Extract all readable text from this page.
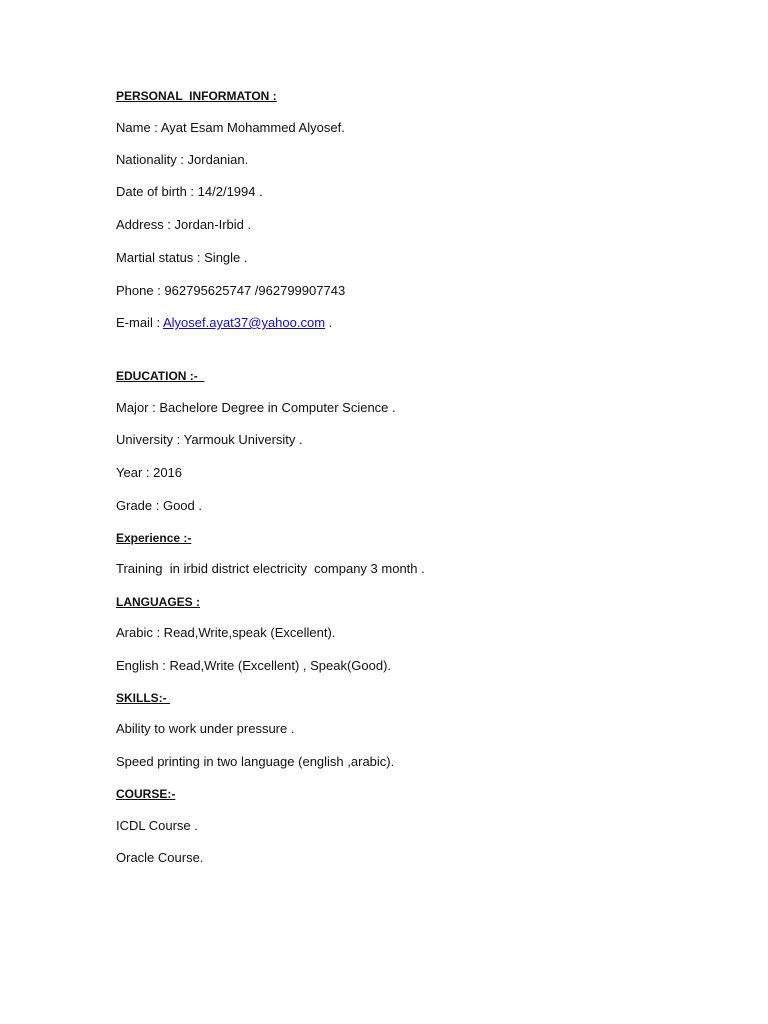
PERSONAL  INFORMATON :
Name : Ayat Esam Mohammed Alyosef.
Nationality : Jordanian.
Date of birth : 14/2/1994 .
Address : Jordan-Irbid .
Martial status : Single .
Phone : 962795625747 /962799907743
E-mail : Alyosef.ayat37@yahoo.com .
EDUCATION :-
Major : Bachelore Degree in Computer Science .
University : Yarmouk University .
Year : 2016
Grade : Good .
Experience :-
Training  in irbid district electricity  company 3 month .
LANGUAGES :
Arabic : Read,Write,speak (Excellent).
English : Read,Write (Excellent) , Speak(Good).
SKILLS:-
Ability to work under pressure .
Speed printing in two language (english ,arabic).
COURSE:-
ICDL Course .
Oracle Course.
